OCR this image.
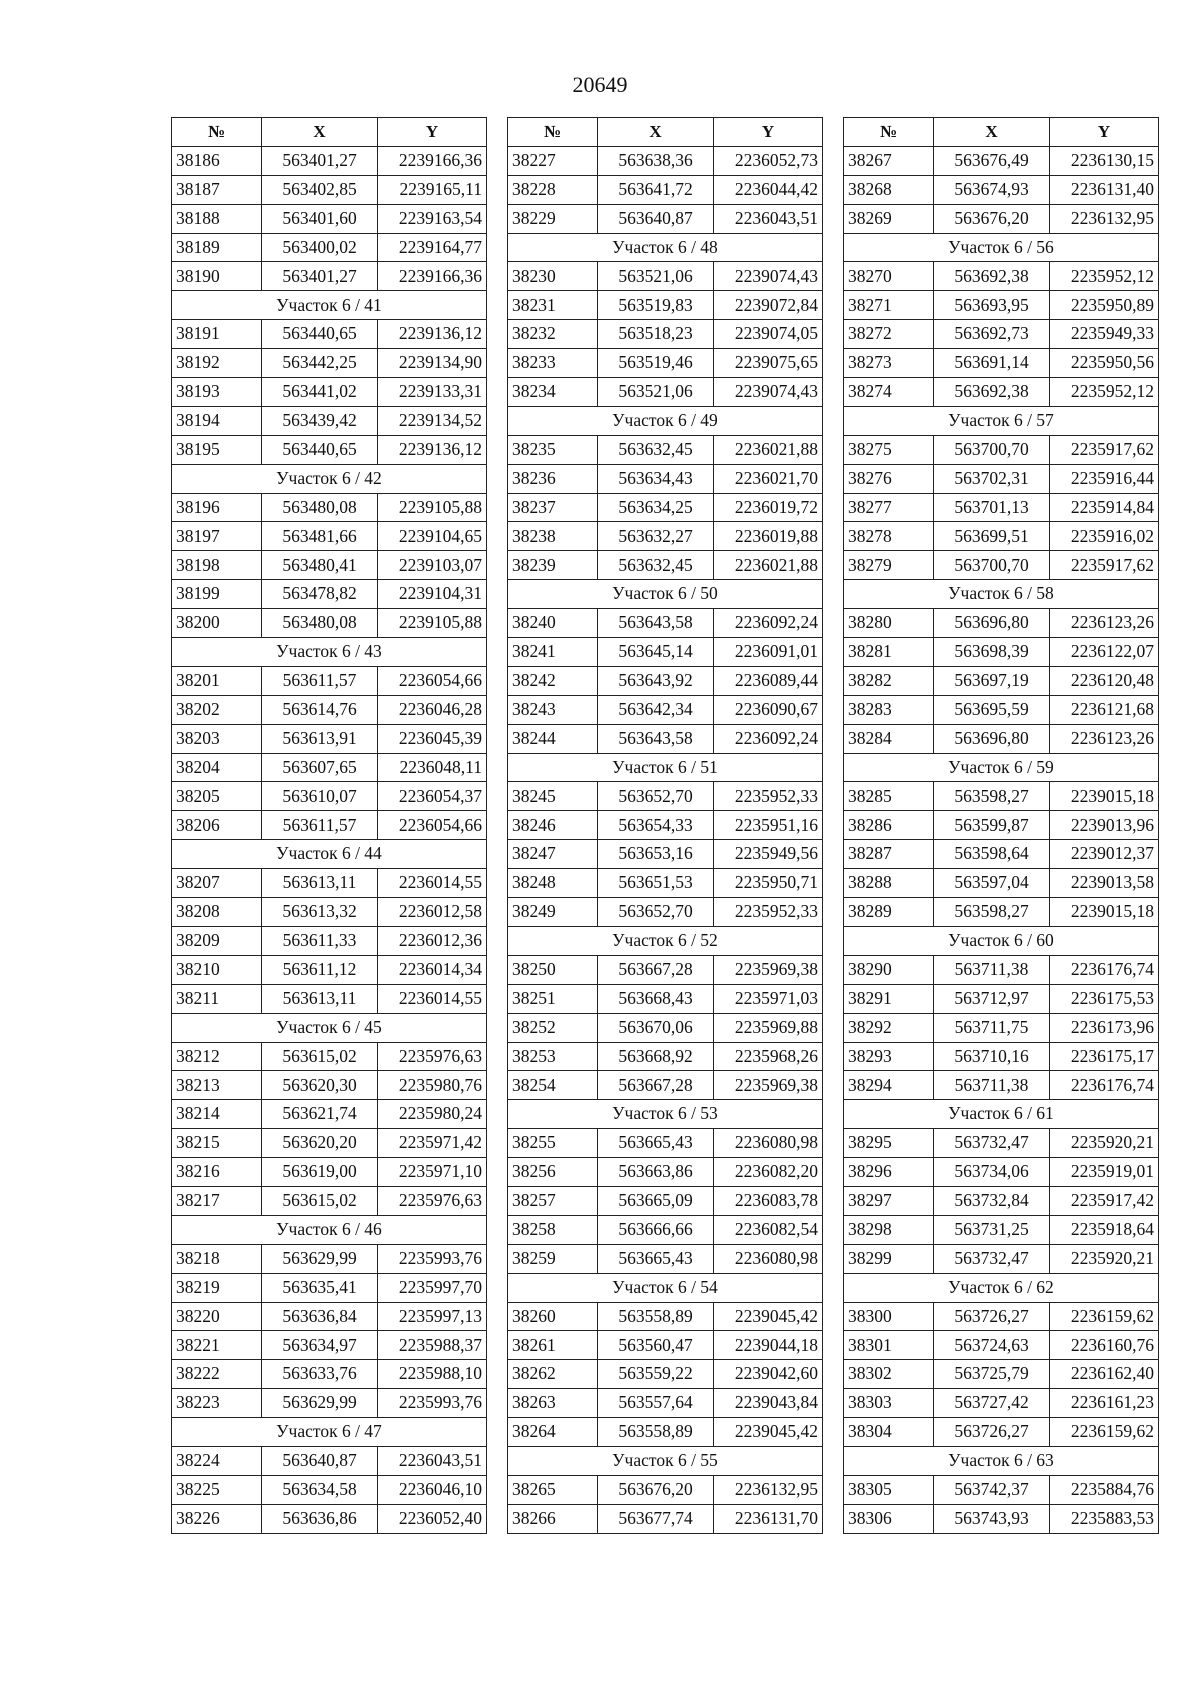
20649
№	X	Y
38186	563401,27	2239166,36
38187	563402,85	2239165,11
38188	563401,60	2239163,54
38189	563400,02	2239164,77
38190	563401,27	2239166,36
Участок 6 / 41		
38191	563440,65	2239136,12
38192	563442,25	2239134,90
38193	563441,02	2239133,31
38194	563439,42	2239134,52
38195	563440,65	2239136,12
Участок 6 / 42		
38196	563480,08	2239105,88
38197	563481,66	2239104,65
38198	563480,41	2239103,07
38199	563478,82	2239104,31
38200	563480,08	2239105,88
Участок 6 / 43		
38201	563611,57	2236054,66
38202	563614,76	2236046,28
38203	563613,91	2236045,39
38204	563607,65	2236048,11
38205	563610,07	2236054,37
38206	563611,57	2236054,66
Участок 6 / 44		
38207	563613,11	2236014,55
38208	563613,32	2236012,58
38209	563611,33	2236012,36
38210	563611,12	2236014,34
38211	563613,11	2236014,55
Участок 6 / 45		
38212	563615,02	2235976,63
38213	563620,30	2235980,76
38214	563621,74	2235980,24
38215	563620,20	2235971,42
38216	563619,00	2235971,10
38217	563615,02	2235976,63
Участок 6 / 46		
38218	563629,99	2235993,76
38219	563635,41	2235997,70
38220	563636,84	2235997,13
38221	563634,97	2235988,37
38222	563633,76	2235988,10
38223	563629,99	2235993,76
Участок 6 / 47		
38224	563640,87	2236043,51
38225	563634,58	2236046,10
38226	563636,86	2236052,40
№	X	Y
38227	563638,36	2236052,73
38228	563641,72	2236044,42
38229	563640,87	2236043,51
Участок 6 / 48		
38230	563521,06	2239074,43
38231	563519,83	2239072,84
38232	563518,23	2239074,05
38233	563519,46	2239075,65
38234	563521,06	2239074,43
Участок 6 / 49		
38235	563632,45	2236021,88
38236	563634,43	2236021,70
38237	563634,25	2236019,72
38238	563632,27	2236019,88
38239	563632,45	2236021,88
Участок 6 / 50		
38240	563643,58	2236092,24
38241	563645,14	2236091,01
38242	563643,92	2236089,44
38243	563642,34	2236090,67
38244	563643,58	2236092,24
Участок 6 / 51		
38245	563652,70	2235952,33
38246	563654,33	2235951,16
38247	563653,16	2235949,56
38248	563651,53	2235950,71
38249	563652,70	2235952,33
Участок 6 / 52		
38250	563667,28	2235969,38
38251	563668,43	2235971,03
38252	563670,06	2235969,88
38253	563668,92	2235968,26
38254	563667,28	2235969,38
Участок 6 / 53		
38255	563665,43	2236080,98
38256	563663,86	2236082,20
38257	563665,09	2236083,78
38258	563666,66	2236082,54
38259	563665,43	2236080,98
Участок 6 / 54		
38260	563558,89	2239045,42
38261	563560,47	2239044,18
38262	563559,22	2239042,60
38263	563557,64	2239043,84
38264	563558,89	2239045,42
Участок 6 / 55		
38265	563676,20	2236132,95
38266	563677,74	2236131,70
№	X	Y
38267	563676,49	2236130,15
38268	563674,93	2236131,40
38269	563676,20	2236132,95
Участок 6 / 56		
38270	563692,38	2235952,12
38271	563693,95	2235950,89
38272	563692,73	2235949,33
38273	563691,14	2235950,56
38274	563692,38	2235952,12
Участок 6 / 57		
38275	563700,70	2235917,62
38276	563702,31	2235916,44
38277	563701,13	2235914,84
38278	563699,51	2235916,02
38279	563700,70	2235917,62
Участок 6 / 58		
38280	563696,80	2236123,26
38281	563698,39	2236122,07
38282	563697,19	2236120,48
38283	563695,59	2236121,68
38284	563696,80	2236123,26
Участок 6 / 59		
38285	563598,27	2239015,18
38286	563599,87	2239013,96
38287	563598,64	2239012,37
38288	563597,04	2239013,58
38289	563598,27	2239015,18
Участок 6 / 60		
38290	563711,38	2236176,74
38291	563712,97	2236175,53
38292	563711,75	2236173,96
38293	563710,16	2236175,17
38294	563711,38	2236176,74
Участок 6 / 61		
38295	563732,47	2235920,21
38296	563734,06	2235919,01
38297	563732,84	2235917,42
38298	563731,25	2235918,64
38299	563732,47	2235920,21
Участок 6 / 62		
38300	563726,27	2236159,62
38301	563724,63	2236160,76
38302	563725,79	2236162,40
38303	563727,42	2236161,23
38304	563726,27	2236159,62
Участок 6 / 63		
38305	563742,37	2235884,76
38306	563743,93	2235883,53
